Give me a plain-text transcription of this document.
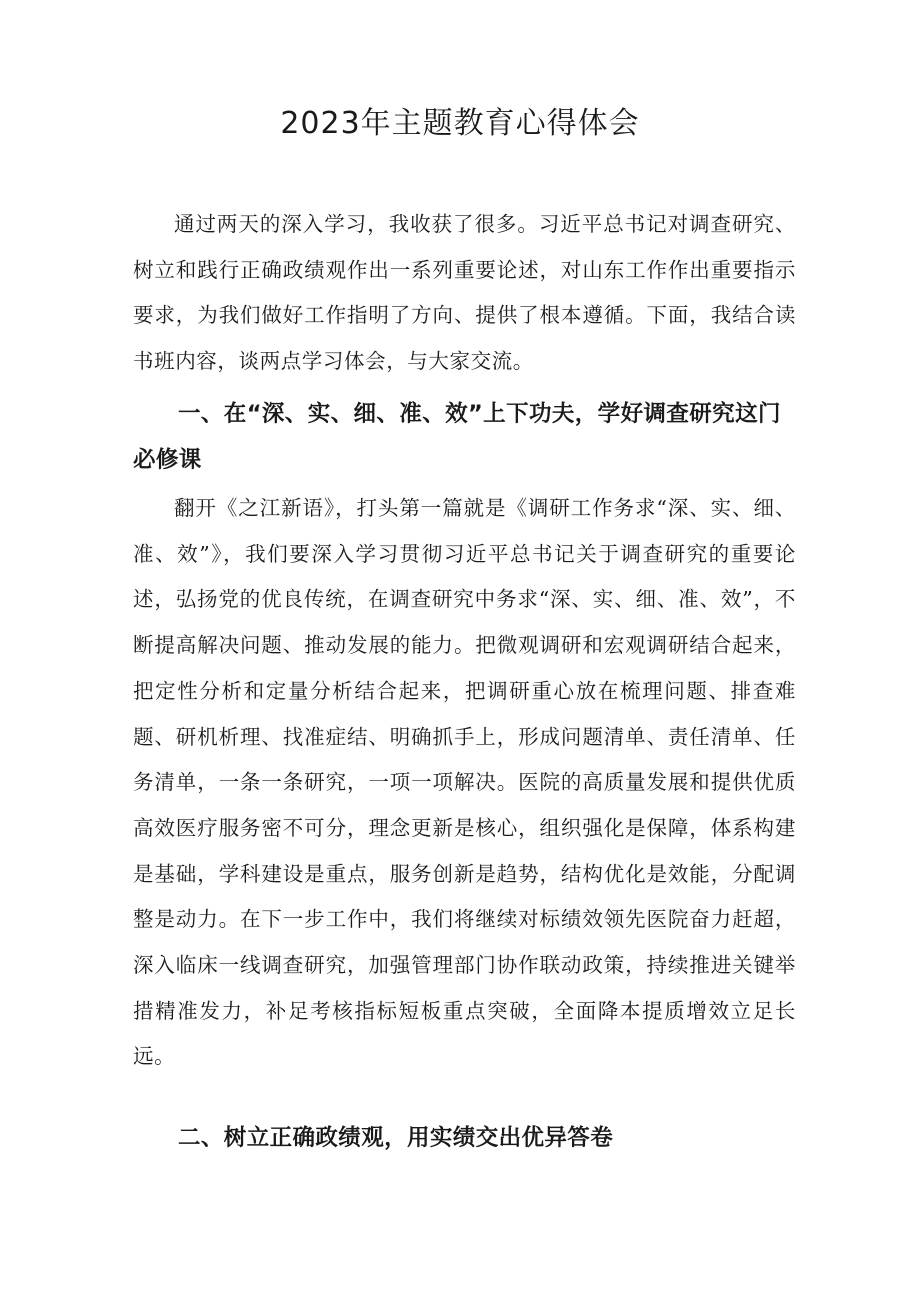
2023年主题教育心得体会

通过两天的深入学习，我收获了很多。习近平总书记对调查研究、树立和践行正确政绩观作出一系列重要论述，对山东工作作出重要指示要求，为我们做好工作指明了方向、提供了根本遵循。下面，我结合读书班内容，谈两点学习体会，与大家交流。

一、在“深、实、细、准、效”上下功夫，学好调查研究这门必修课

翻开《之江新语》，打头第一篇就是《调研工作务求“深、实、细、准、效”》，我们要深入学习贯彻习近平总书记关于调查研究的重要论述，弘扬党的优良传统，在调查研究中务求“深、实、细、准、效”，不断提高解决问题、推动发展的能力。把微观调研和宏观调研结合起来，把定性分析和定量分析结合起来，把调研重心放在梳理问题、排查难题、研机析理、找准症结、明确抓手上，形成问题清单、责任清单、任务清单，一条一条研究，一项一项解决。医院的高质量发展和提供优质高效医疗服务密不可分，理念更新是核心，组织强化是保障，体系构建是基础，学科建设是重点，服务创新是趋势，结构优化是效能，分配调整是动力。在下一步工作中，我们将继续对标绩效领先医院奋力赶超，深入临床一线调查研究，加强管理部门协作联动政策，持续推进关键举措精准发力，补足考核指标短板重点突破，全面降本提质增效立足长远。

二、树立正确政绩观，用实绩交出优异答卷
